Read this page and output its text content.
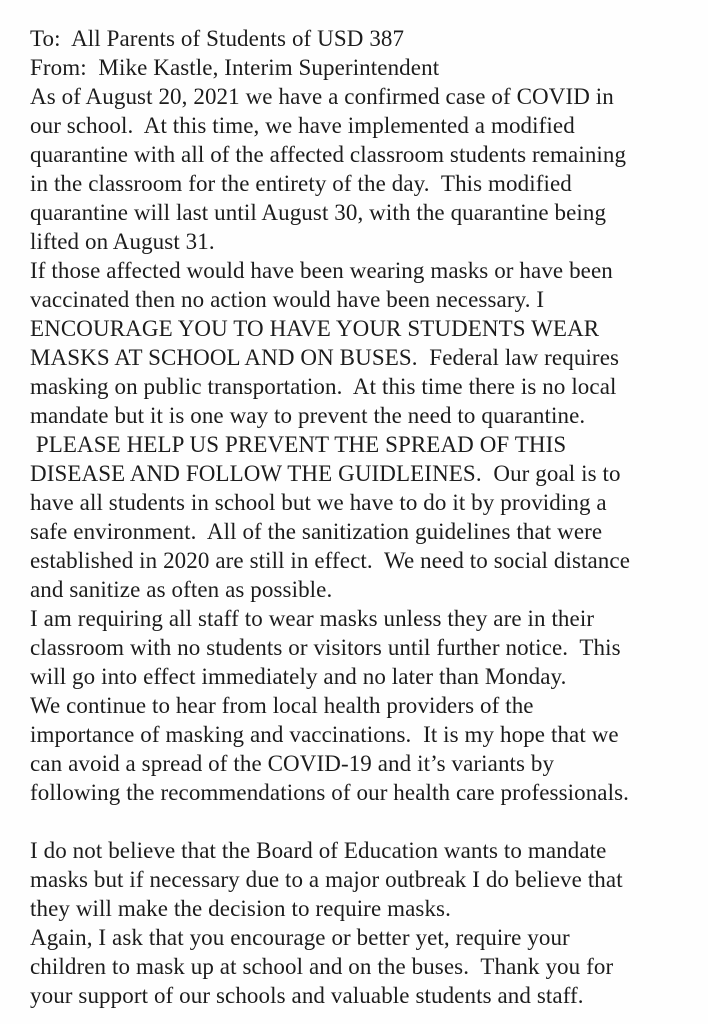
To:  All Parents of Students of USD 387
From:  Mike Kastle, Interim Superintendent
As of August 20, 2021 we have a confirmed case of COVID in
our school.  At this time, we have implemented a modified
quarantine with all of the affected classroom students remaining
in the classroom for the entirety of the day.  This modified
quarantine will last until August 30, with the quarantine being
lifted on August 31.
If those affected would have been wearing masks or have been
vaccinated then no action would have been necessary. I
ENCOURAGE YOU TO HAVE YOUR STUDENTS WEAR
MASKS AT SCHOOL AND ON BUSES.  Federal law requires
masking on public transportation.  At this time there is no local
mandate but it is one way to prevent the need to quarantine.
PLEASE HELP US PREVENT THE SPREAD OF THIS
DISEASE AND FOLLOW THE GUIDLEINES.  Our goal is to
have all students in school but we have to do it by providing a
safe environment.  All of the sanitization guidelines that were
established in 2020 are still in effect.  We need to social distance
and sanitize as often as possible.
I am requiring all staff to wear masks unless they are in their
classroom with no students or visitors until further notice.  This
will go into effect immediately and no later than Monday.
We continue to hear from local health providers of the
importance of masking and vaccinations.  It is my hope that we
can avoid a spread of the COVID-19 and it’s variants by
following the recommendations of our health care professionals.
I do not believe that the Board of Education wants to mandate
masks but if necessary due to a major outbreak I do believe that
they will make the decision to require masks.
Again, I ask that you encourage or better yet, require your
children to mask up at school and on the buses.  Thank you for
your support of our schools and valuable students and staff.
